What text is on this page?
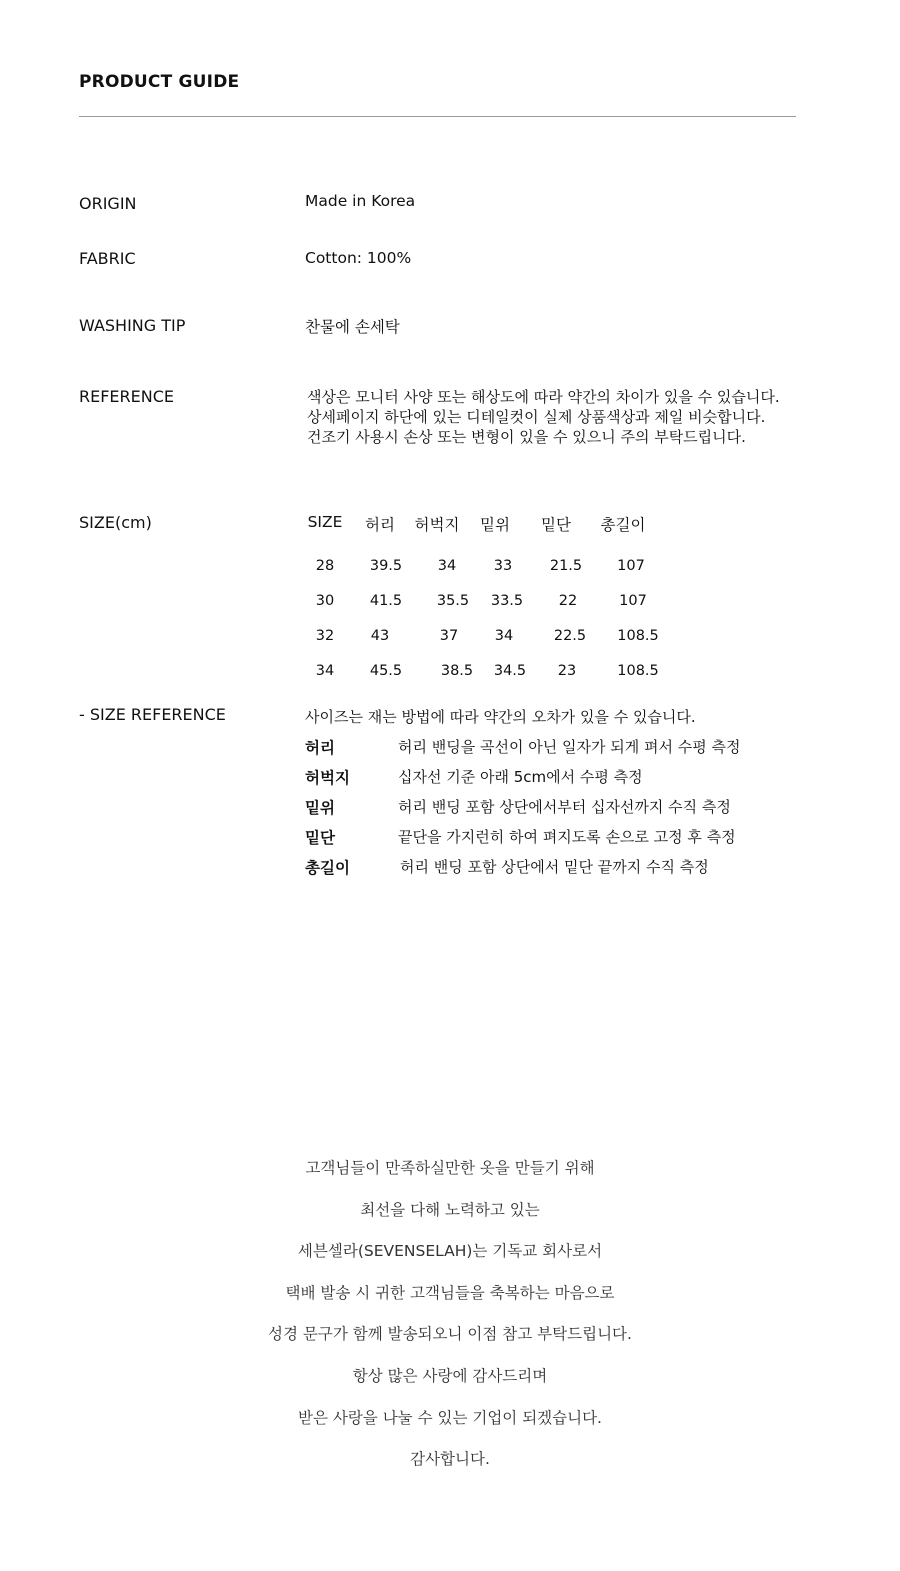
PRODUCT GUIDE
ORIGIN	Made in Korea
FABRIC	Cotton: 100%
WASHING TIP	찬물에 손세탁
REFERENCE	색상은 모니터 사양 또는 해상도에 따라 약간의 차이가 있을 수 있습니다.
상세페이지 하단에 있는 디테일컷이 실제 상품색상과 제일 비슷합니다.
건조기 사용시 손상 또는 변형이 있을 수 있으니 주의 부탁드립니다.
SIZE(cm)	SIZE 허리 허벅지 밑위 밑단 총길이
28 39.5 34	33	21.5 107
30 41.5 35.5 33.5 22	107
32	43	37	34	22.5 108.5
34 45.5	38.5 34.5 23	108.5
- SIZE REFERENCE	사이즈는 재는 방법에 따라 약간의 오차가 있을 수 있습니다.
허리	허리 밴딩을 곡선이 아닌 일자가 되게 펴서 수평 측정
허벅지	십자선 기준 아래 5cm에서 수평 측정
밑위	허리 밴딩 포함 상단에서부터 십자선까지 수직 측정
밑단	끝단을 가지런히 하여 펴지도록 손으로 고정 후 측정
총길이	허리 밴딩 포함 상단에서 밑단 끝까지 수직 측정
고객님들이 만족하실만한 옷을 만들기 위해
최선을 다해 노력하고 있는
세븐셀라(SEVENSELAH)는 기독교 회사로서
택배 발송 시 귀한 고객님들을 축복하는 마음으로
성경 문구가 함께 발송되오니 이점 참고 부탁드립니다.
항상 많은 사랑에 감사드리며
받은 사랑을 나눌 수 있는 기업이 되겠습니다.
감사합니다.
